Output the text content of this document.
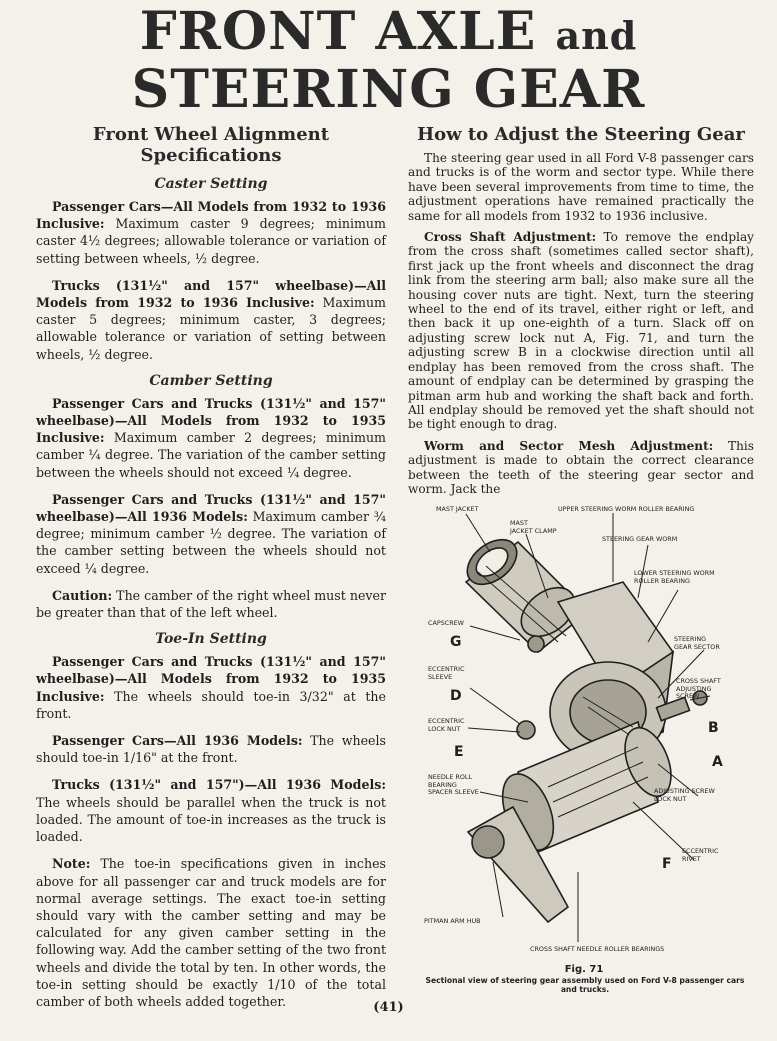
FRONT AXLE and
STEERING GEAR
Front Wheel Alignment Specifications
Caster Setting

Passenger Cars—All Models from 1932 to 1936 Inclusive: Maximum caster 9 degrees; minimum caster 4½ degrees; allowable tolerance or variation of setting between wheels, ½ degree.

Trucks (131½" and 157" wheelbase)—All Models from 1932 to 1936 Inclusive: Maximum caster 5 degrees; minimum caster, 3 degrees; allowable tolerance or variation of setting between wheels, ½ degree.

Camber Setting

Passenger Cars and Trucks (131½" and 157" wheelbase)—All Models from 1932 to 1935 Inclusive: Maximum camber 2 degrees; minimum camber ¼ degree. The variation of the camber setting between the wheels should not exceed ¼ degree.

Passenger Cars and Trucks (131½" and 157" wheelbase)—All 1936 Models: Maximum camber ¾ degree; minimum camber ½ degree. The variation of the camber setting between the wheels should not exceed ¼ degree.

Caution: The camber of the right wheel must never be greater than that of the left wheel.

Toe-In Setting

Passenger Cars and Trucks (131½" and 157" wheelbase)—All Models from 1932 to 1935 Inclusive: The wheels should toe-in 3/32" at the front.

Passenger Cars—All 1936 Models: The wheels should toe-in 1/16" at the front.

Trucks (131½" and 157")—All 1936 Models: The wheels should be parallel when the truck is not loaded. The amount of toe-in increases as the truck is loaded.

Note: The toe-in specifications given in inches above for all passenger car and truck models are for normal average settings. The exact toe-in setting should vary with the camber setting and may be calculated for any given camber setting in the following way. Add the camber setting of the two front wheels and divide the total by ten. In other words, the toe-in setting should be exactly 1/10 of the total camber of both wheels added together.

How to Adjust the Steering Gear

The steering gear used in all Ford V-8 passenger cars and trucks is of the worm and sector type. While there have been several improvements from time to time, the adjustment operations have remained practically the same for all models from 1932 to 1936 inclusive.

Cross Shaft Adjustment: To remove the endplay from the cross shaft (sometimes called sector shaft), first jack up the front wheels and disconnect the drag link from the steering arm ball; also make sure all the housing cover nuts are tight. Next, turn the steering wheel to the end of its travel, either right or left, and then back it up one-eighth of a turn. Slack off on adjusting screw lock nut A, Fig. 71, and turn the adjusting screw B in a clockwise direction until all endplay has been removed from the cross shaft. The amount of endplay can be determined by grasping the pitman arm hub and working the shaft back and forth. All endplay should be removed yet the shaft should not be tight enough to drag.

Worm and Sector Mesh Adjustment: This adjustment is made to obtain the correct clearance between the teeth of the steering gear sector and worm. Jack the

MAST JACKET
MAST
JACKET CLAMP
UPPER STEERING WORM ROLLER BEARING
STEERING GEAR WORM
LOWER STEERING WORM
ROLLER BEARING
CAPSCREW
STEERING
GEAR SECTOR
ECCENTRIC
SLEEVE
CROSS SHAFT
ADJUSTING
SCREW
ECCENTRIC
LOCK NUT
NEEDLE ROLL
BEARING
SPACER SLEEVE	ADJUSTING SCREW
LOCK NUT
ECCENTRIC
RIVET
PITMAN ARM HUB
CROSS SHAFT NEEDLE ROLLER BEARINGS
G
D
E
B
A
F
Fig. 71
Sectional view of steering gear assembly used on Ford V-8 passenger cars and trucks.
(41)
